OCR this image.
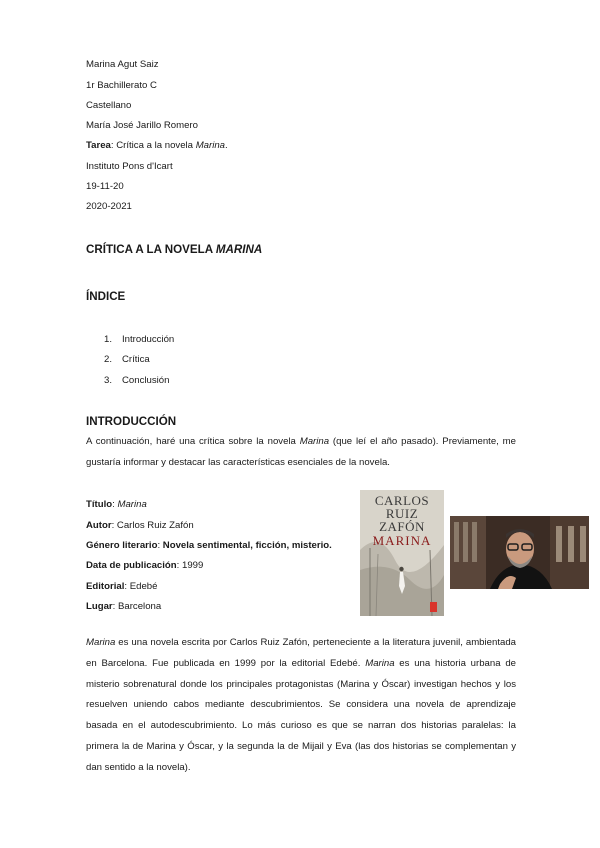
Marina Agut Saiz
1r Bachillerato C
Castellano
María José Jarillo Romero
Tarea: Crítica a la novela Marina.
Instituto Pons d'Icart
19-11-20
2020-2021
CRÍTICA A LA NOVELA MARINA
ÍNDICE
1. Introducción
2. Crítica
3. Conclusión
INTRODUCCIÓN

A continuación, haré una crítica sobre la novela Marina (que leí el año pasado). Previamente, me gustaría informar y destacar las características esenciales de la novela.

Título: Marina
Autor: Carlos Ruiz Zafón
Género literario: Novela sentimental, ficción, misterio.
Data de publicación: 1999
Editorial: Edebé
Lugar: Barcelona
CARLOS
RUIZ
ZAFÓN
MARINA

Marina es una novela escrita por Carlos Ruiz Zafón, perteneciente a la literatura juvenil, ambientada en Barcelona. Fue publicada en 1999 por la editorial Edebé. Marina es una historia urbana de misterio sobrenatural donde los principales protagonistas (Marina y Óscar) investigan hechos y los resuelven uniendo cabos mediante descubrimientos. Se considera una novela de aprendizaje basada en el autodescubrimiento. Lo más curioso es que se narran dos historias paralelas: la primera la de Marina y Óscar, y la segunda la de Mijail y Eva (las dos historias se complementan y dan sentido a la novela).
